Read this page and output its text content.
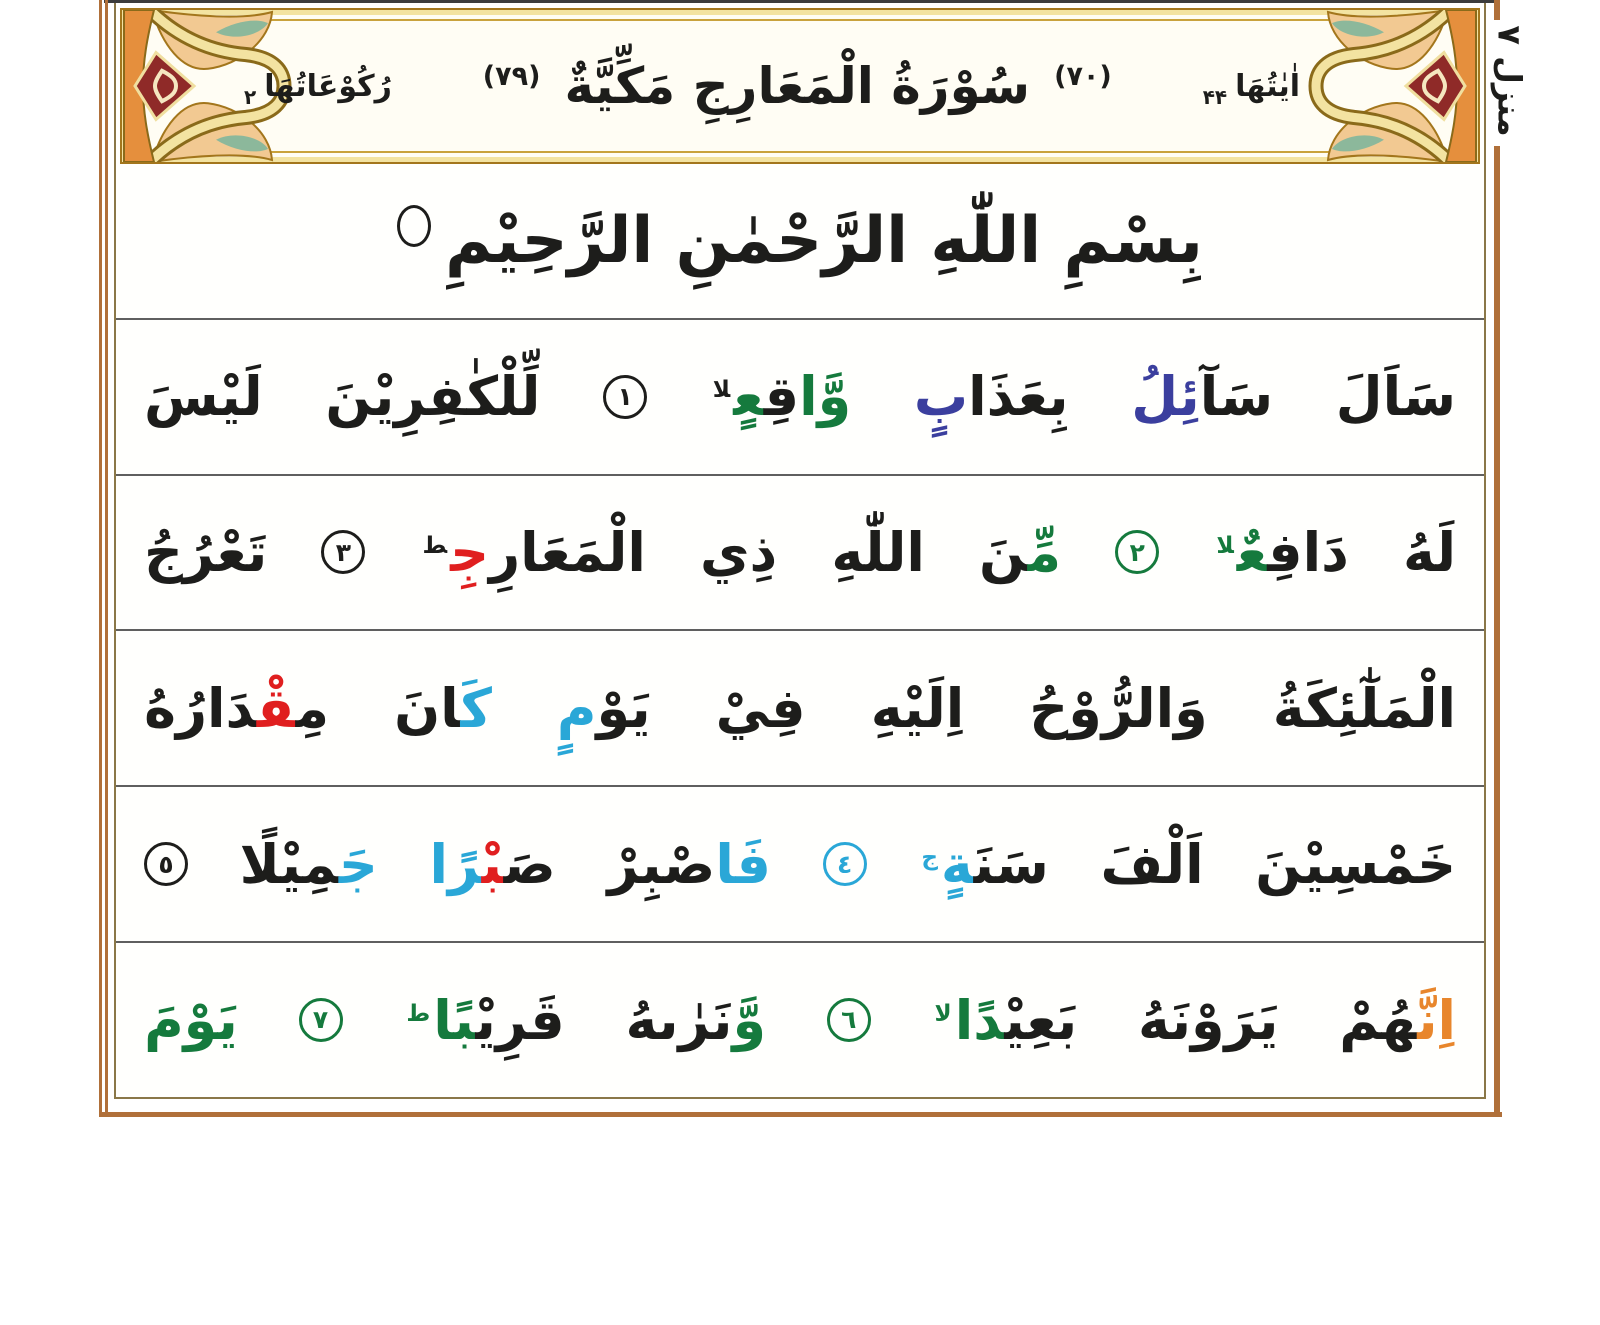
منزل ۷
اٰيٰتُهَا
۴۴
(۷۰)
سُوْرَةُ الْمَعَارِجِ مَكِّيَّةٌ
(۷۹)
رُكُوْعَاتُهَا
۲
بِسْمِ اللّٰهِ الرَّحْمٰنِ الرَّحِيْمِ
سَاَلَ
سَآئِلُ
بِعَذَابٍ
وَّاقِعٍ$^{لا}$
١
لِّلْكٰفِرِيْنَ
لَيْسَ
لَهُ
دَافِعٌ$^{لا}$
٢
مِّنَ
اللّٰهِ
ذِي
الْمَعَارِجِ$^ط$
٣
تَعْرُجُ
الْمَلٰٓئِكَةُ
وَالرُّوْحُ
اِلَيْهِ
فِيْ
يَوْمٍ
كَانَ
مِقْدَارُهُ
خَمْسِيْنَ
اَلْفَ
سَنَةٍ$^ج$
٤
فَاصْبِرْ
صَبْرًا
جَمِيْلًا
٥
اِنَّهُمْ
يَرَوْنَهُ
بَعِيْدًا$^{لا}$
٦
وَّنَرٰىهُ
قَرِيْبًا$^ط$
٧
يَوْمَ
